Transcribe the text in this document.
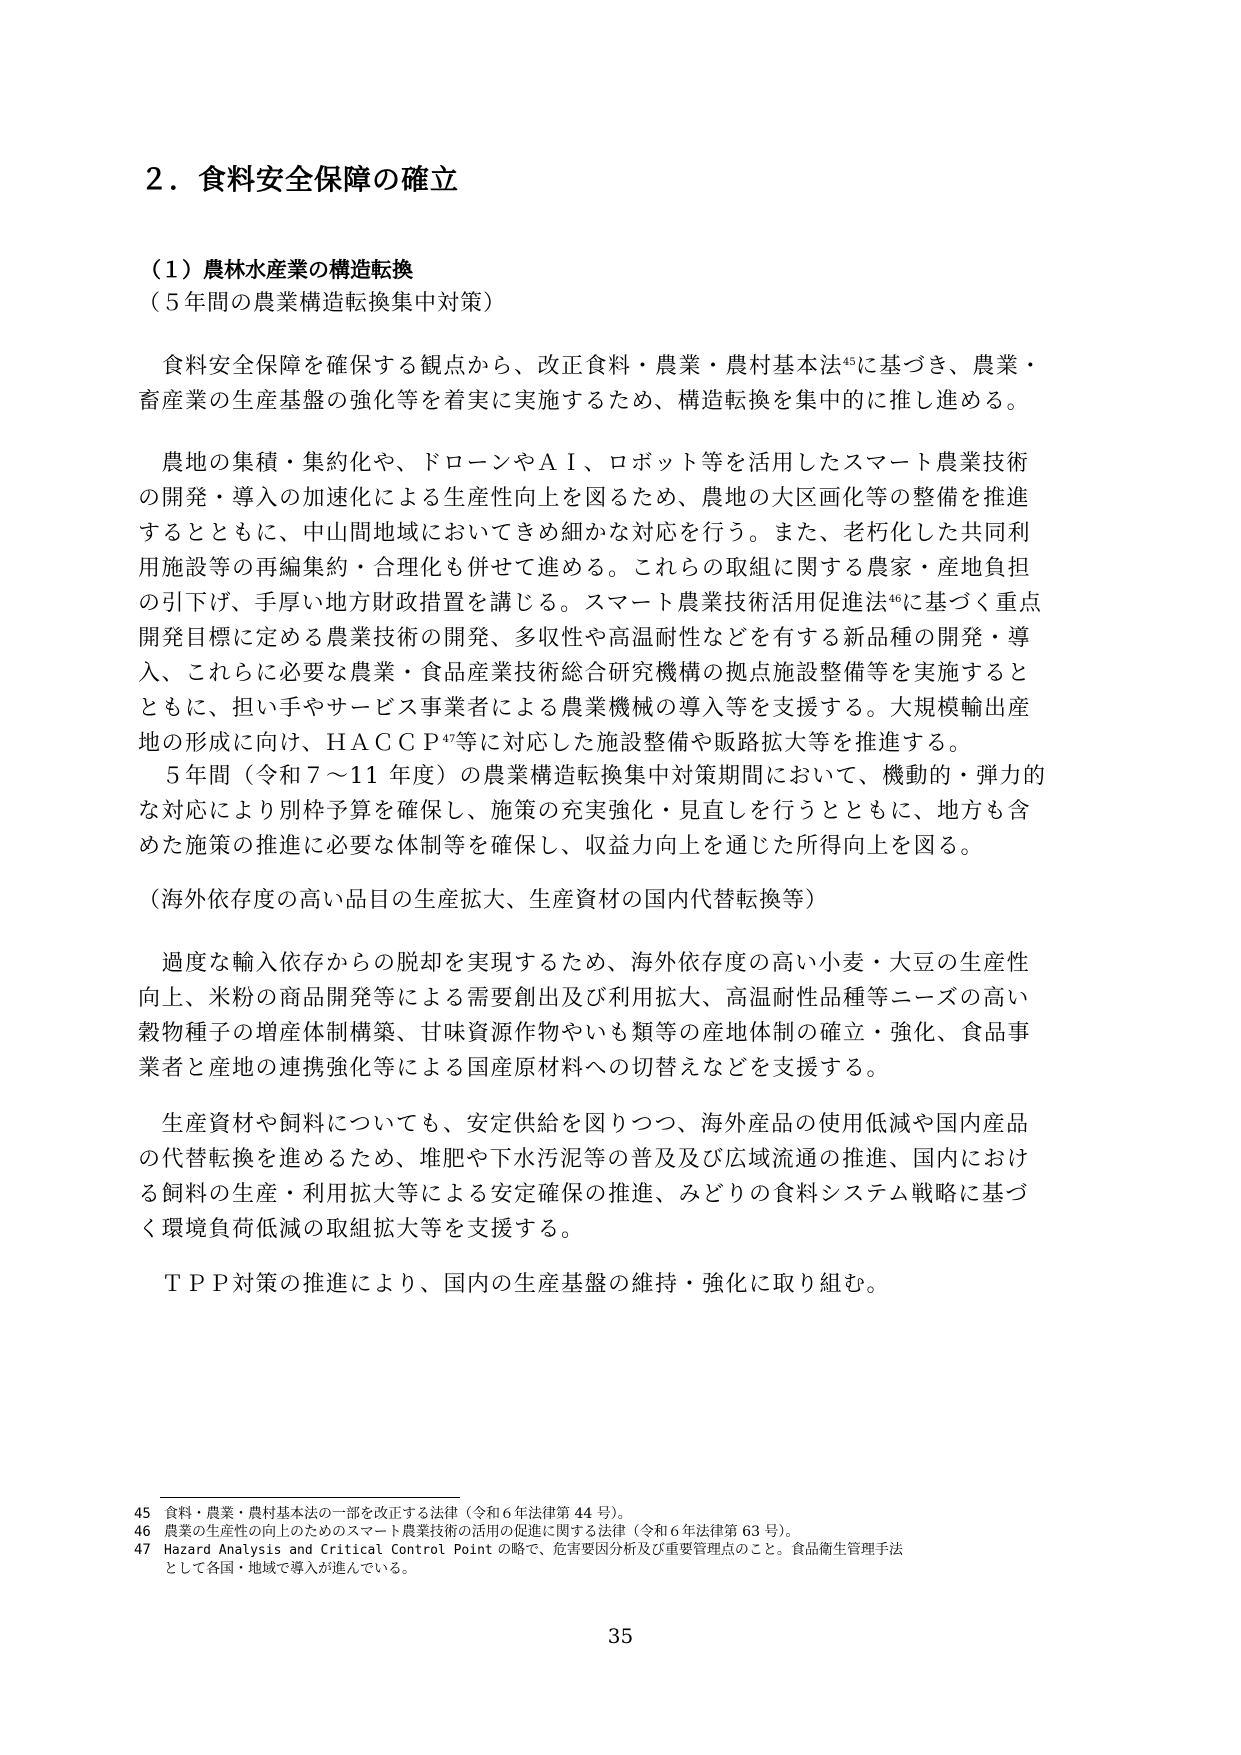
２．食料安全保障の確立
（１）農林水産業の構造転換

（５年間の農業構造転換集中対策）

　食料安全保障を確保する観点から、改正食料・農業・農村基本法$^{45}$に基づき、農業・
畜産業の生産基盤の強化等を着実に実施するため、構造転換を集中的に推し進める。

　農地の集積・集約化や、ドローンやＡＩ、ロボット等を活用したスマート農業技術
の開発・導入の加速化による生産性向上を図るため、農地の大区画化等の整備を推進
するとともに、中山間地域においてきめ細かな対応を行う。また、老朽化した共同利
用施設等の再編集約・合理化も併せて進める。これらの取組に関する農家・産地負担
の引下げ、手厚い地方財政措置を講じる。スマート農業技術活用促進法$^{46}$に基づく重点
開発目標に定める農業技術の開発、多収性や高温耐性などを有する新品種の開発・導
入、これらに必要な農業・食品産業技術総合研究機構の拠点施設整備等を実施すると
ともに、担い手やサービス事業者による農業機械の導入等を支援する。大規模輸出産
地の形成に向け、ＨＡＣＣＰ$^{47}$等に対応した施設整備や販路拡大等を推進する。

　５年間（令和７～11 年度）の農業構造転換集中対策期間において、機動的・弾力的
な対応により別枠予算を確保し、施策の充実強化・見直しを行うとともに、地方も含
めた施策の推進に必要な体制等を確保し、収益力向上を通じた所得向上を図る。

（海外依存度の高い品目の生産拡大、生産資材の国内代替転換等）

　過度な輸入依存からの脱却を実現するため、海外依存度の高い小麦・大豆の生産性
向上、米粉の商品開発等による需要創出及び利用拡大、高温耐性品種等ニーズの高い
穀物種子の増産体制構築、甘味資源作物やいも類等の産地体制の確立・強化、食品事
業者と産地の連携強化等による国産原材料への切替えなどを支援する。

　生産資材や飼料についても、安定供給を図りつつ、海外産品の使用低減や国内産品
の代替転換を進めるため、堆肥や下水汚泥等の普及及び広域流通の推進、国内におけ
る飼料の生産・利用拡大等による安定確保の推進、みどりの食料システム戦略に基づ
く環境負荷低減の取組拡大等を支援する。

　ＴＰＰ対策の推進により、国内の生産基盤の維持・強化に取り組む。

45 食料・農業・農村基本法の一部を改正する法律（令和６年法律第 44 号）。
46 農業の生産性の向上のためのスマート農業技術の活用の促進に関する法律（令和６年法律第 63 号）。
47	Hazard Analysis and Critical Control Point の略で、危害要因分析及び重要管理点のこと。食品衛生管理手法
として各国・地域で導入が進んでいる。
35
